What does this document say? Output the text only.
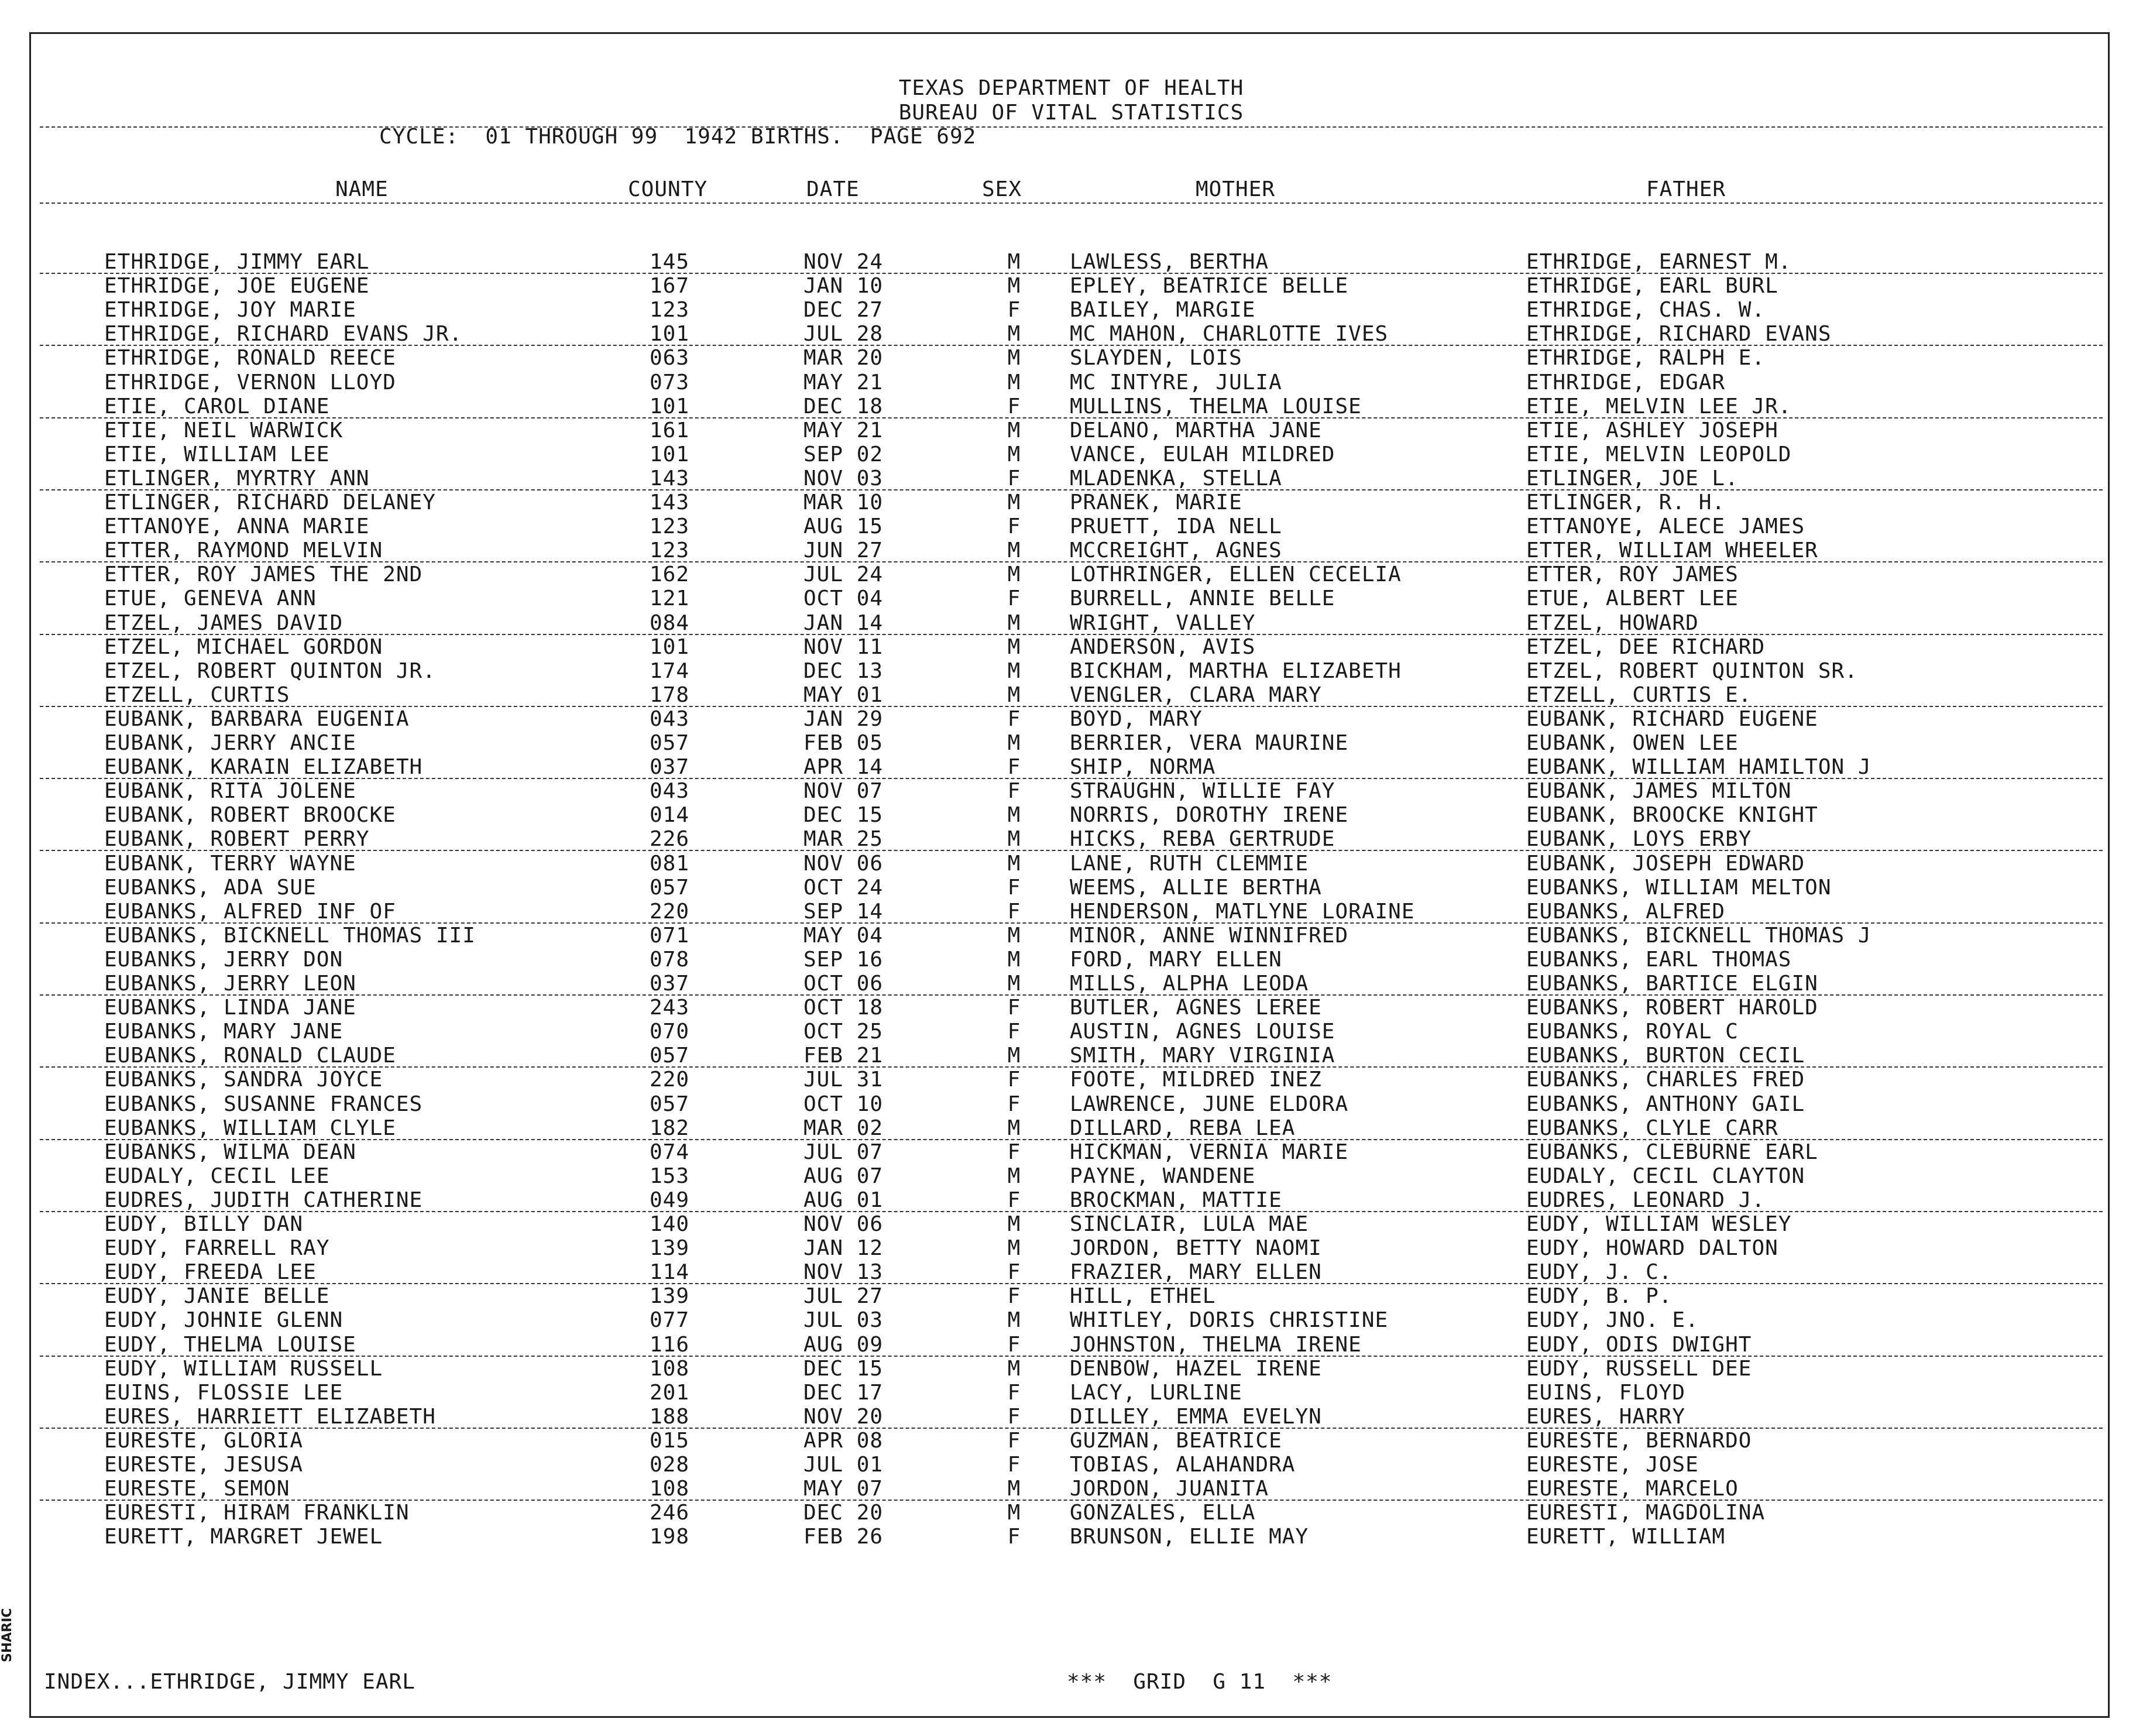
SHARIC
TEXAS DEPARTMENT OF HEALTH
BUREAU OF VITAL STATISTICS
CYCLE:  01 THROUGH 99  1942 BIRTHS.  PAGE 692
NAME	COUNTY	DATE	SEX	MOTHER	FATHER
ETHRIDGE, JIMMY EARL	145	NOV 24	M LAWLESS, BERTHA	ETHRIDGE, EARNEST M.
ETHRIDGE, JOE EUGENE	167	JAN 10	M EPLEY, BEATRICE BELLE	ETHRIDGE, EARL BURL
ETHRIDGE, JOY MARIE	123	DEC 27	F BAILEY, MARGIE	ETHRIDGE, CHAS. W.
ETHRIDGE, RICHARD EVANS JR.	101	JUL 28	M MC MAHON, CHARLOTTE IVES	ETHRIDGE, RICHARD EVANS
ETHRIDGE, RONALD REECE	063	MAR 20	M SLAYDEN, LOIS	ETHRIDGE, RALPH E.
ETHRIDGE, VERNON LLOYD	073	MAY 21	M MC INTYRE, JULIA	ETHRIDGE, EDGAR
ETIE, CAROL DIANE	101	DEC 18	F MULLINS, THELMA LOUISE	ETIE, MELVIN LEE JR.
ETIE, NEIL WARWICK	161	MAY 21	M DELANO, MARTHA JANE	ETIE, ASHLEY JOSEPH
ETIE, WILLIAM LEE	101	SEP 02	M VANCE, EULAH MILDRED	ETIE, MELVIN LEOPOLD
ETLINGER, MYRTRY ANN	143	NOV 03	F MLADENKA, STELLA	ETLINGER, JOE L.
ETLINGER, RICHARD DELANEY	143	MAR 10	M PRANEK, MARIE	ETLINGER, R. H.
ETTANOYE, ANNA MARIE	123	AUG 15	F PRUETT, IDA NELL	ETTANOYE, ALECE JAMES
ETTER, RAYMOND MELVIN	123	JUN 27	M MCCREIGHT, AGNES	ETTER, WILLIAM WHEELER
ETTER, ROY JAMES THE 2ND	162	JUL 24	M LOTHRINGER, ELLEN CECELIA	ETTER, ROY JAMES
ETUE, GENEVA ANN	121	OCT 04	F BURRELL, ANNIE BELLE	ETUE, ALBERT LEE
ETZEL, JAMES DAVID	084	JAN 14	M WRIGHT, VALLEY	ETZEL, HOWARD
ETZEL, MICHAEL GORDON	101	NOV 11	M ANDERSON, AVIS	ETZEL, DEE RICHARD
ETZEL, ROBERT QUINTON JR.	174	DEC 13	M BICKHAM, MARTHA ELIZABETH	ETZEL, ROBERT QUINTON SR.
ETZELL, CURTIS	178	MAY 01	M VENGLER, CLARA MARY	ETZELL, CURTIS E.
EUBANK, BARBARA EUGENIA	043	JAN 29	F BOYD, MARY	EUBANK, RICHARD EUGENE
EUBANK, JERRY ANCIE	057	FEB 05	M BERRIER, VERA MAURINE	EUBANK, OWEN LEE
EUBANK, KARAIN ELIZABETH	037	APR 14	F SHIP, NORMA	EUBANK, WILLIAM HAMILTON J
EUBANK, RITA JOLENE	043	NOV 07	F STRAUGHN, WILLIE FAY	EUBANK, JAMES MILTON
EUBANK, ROBERT BROOCKE	014	DEC 15	M NORRIS, DOROTHY IRENE	EUBANK, BROOCKE KNIGHT
EUBANK, ROBERT PERRY	226	MAR 25	M HICKS, REBA GERTRUDE	EUBANK, LOYS ERBY
EUBANK, TERRY WAYNE	081	NOV 06	M LANE, RUTH CLEMMIE	EUBANK, JOSEPH EDWARD
EUBANKS, ADA SUE	057	OCT 24	F WEEMS, ALLIE BERTHA	EUBANKS, WILLIAM MELTON
EUBANKS, ALFRED INF OF	220	SEP 14	F HENDERSON, MATLYNE LORAINE	EUBANKS, ALFRED
EUBANKS, BICKNELL THOMAS III	071	MAY 04	M MINOR, ANNE WINNIFRED	EUBANKS, BICKNELL THOMAS J
EUBANKS, JERRY DON	078	SEP 16	M FORD, MARY ELLEN	EUBANKS, EARL THOMAS
EUBANKS, JERRY LEON	037	OCT 06	M MILLS, ALPHA LEODA	EUBANKS, BARTICE ELGIN
EUBANKS, LINDA JANE	243	OCT 18	F BUTLER, AGNES LEREE	EUBANKS, ROBERT HAROLD
EUBANKS, MARY JANE	070	OCT 25	F AUSTIN, AGNES LOUISE	EUBANKS, ROYAL C
EUBANKS, RONALD CLAUDE	057	FEB 21	M SMITH, MARY VIRGINIA	EUBANKS, BURTON CECIL
EUBANKS, SANDRA JOYCE	220	JUL 31	F FOOTE, MILDRED INEZ	EUBANKS, CHARLES FRED
EUBANKS, SUSANNE FRANCES	057	OCT 10	F LAWRENCE, JUNE ELDORA	EUBANKS, ANTHONY GAIL
EUBANKS, WILLIAM CLYLE	182	MAR 02	M DILLARD, REBA LEA	EUBANKS, CLYLE CARR
EUBANKS, WILMA DEAN	074	JUL 07	F HICKMAN, VERNIA MARIE	EUBANKS, CLEBURNE EARL
EUDALY, CECIL LEE	153	AUG 07	M PAYNE, WANDENE	EUDALY, CECIL CLAYTON
EUDRES, JUDITH CATHERINE	049	AUG 01	F BROCKMAN, MATTIE	EUDRES, LEONARD J.
EUDY, BILLY DAN	140	NOV 06	M SINCLAIR, LULA MAE	EUDY, WILLIAM WESLEY
EUDY, FARRELL RAY	139	JAN 12	M JORDON, BETTY NAOMI	EUDY, HOWARD DALTON
EUDY, FREEDA LEE	114	NOV 13	F FRAZIER, MARY ELLEN	EUDY, J. C.
EUDY, JANIE BELLE	139	JUL 27	F HILL, ETHEL	EUDY, B. P.
EUDY, JOHNIE GLENN	077	JUL 03	M WHITLEY, DORIS CHRISTINE	EUDY, JNO. E.
EUDY, THELMA LOUISE	116	AUG 09	F JOHNSTON, THELMA IRENE	EUDY, ODIS DWIGHT
EUDY, WILLIAM RUSSELL	108	DEC 15	M DENBOW, HAZEL IRENE	EUDY, RUSSELL DEE
EUINS, FLOSSIE LEE	201	DEC 17	F LACY, LURLINE	EUINS, FLOYD
EURES, HARRIETT ELIZABETH	188	NOV 20	F DILLEY, EMMA EVELYN	EURES, HARRY
EURESTE, GLORIA	015	APR 08	F GUZMAN, BEATRICE	EURESTE, BERNARDO
EURESTE, JESUSA	028	JUL 01	F TOBIAS, ALAHANDRA	EURESTE, JOSE
EURESTE, SEMON	108	MAY 07	M JORDON, JUANITA	EURESTE, MARCELO
EURESTI, HIRAM FRANKLIN	246	DEC 20	M GONZALES, ELLA	EURESTI, MAGDOLINA
EURETT, MARGRET JEWEL	198	FEB 26	F BRUNSON, ELLIE MAY	EURETT, WILLIAM
INDEX...ETHRIDGE, JIMMY EARL	***  GRID  G 11  ***
